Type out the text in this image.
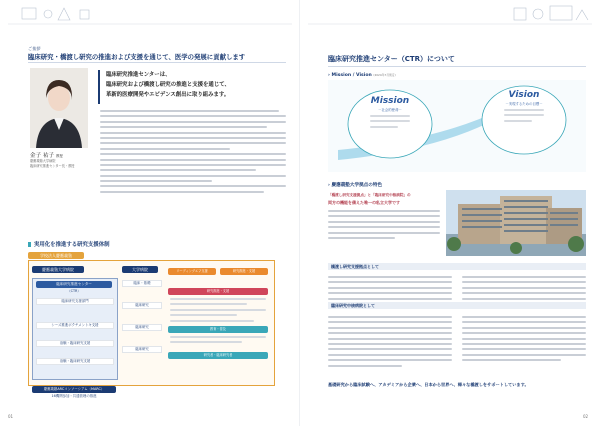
ご挨拶
臨床研究・橋渡し研究の推進および支援を通じて、医学の発展に貢献します
金子 祐子 教授
慶應義塾大学病院
臨床研究推進センター長・教授
臨床研究推進センターは、
臨床研究および橋渡し研究の推進と支援を通じて、
革新的医療開発やエビデンス創出に取り組みます。
実用化を推進する研究支援体制
学校法人慶應義塾
慶應義塾大学病院	大学病院
臨床研究推進センター
（CTR）
臨床研究支援部門
シーズ推進ボクチメントキ支援
治験・臨床研究支援
治験・臨床研究支援
臨床・基礎
臨床研究
臨床研究
臨床研究
リーディングエフ支援	研究推進・支援
研究推進・支援
教育・普及
研究者・臨床研究者
慶應義塾ARCコンソーシアム（MARC）
16機関参加・共通管理の推進
01
臨床研究推進センター（CTR）について
› Mission / Vision (2024年7月策定)
Mission
－社会的使命－
Vision
－実現するための目標－
› 慶應義塾大学拠点の特色
「橋渡し研究支援拠点」と「臨床研究中核病院」の
両方の機能を備えた唯一の私立大学です
橋渡し研究支援拠点として
臨床研究中核病院として
基礎研究から臨床試験へ、アカデミアから企業へ、日本から世界へ、様々な橋渡しをサポートしています。
02
